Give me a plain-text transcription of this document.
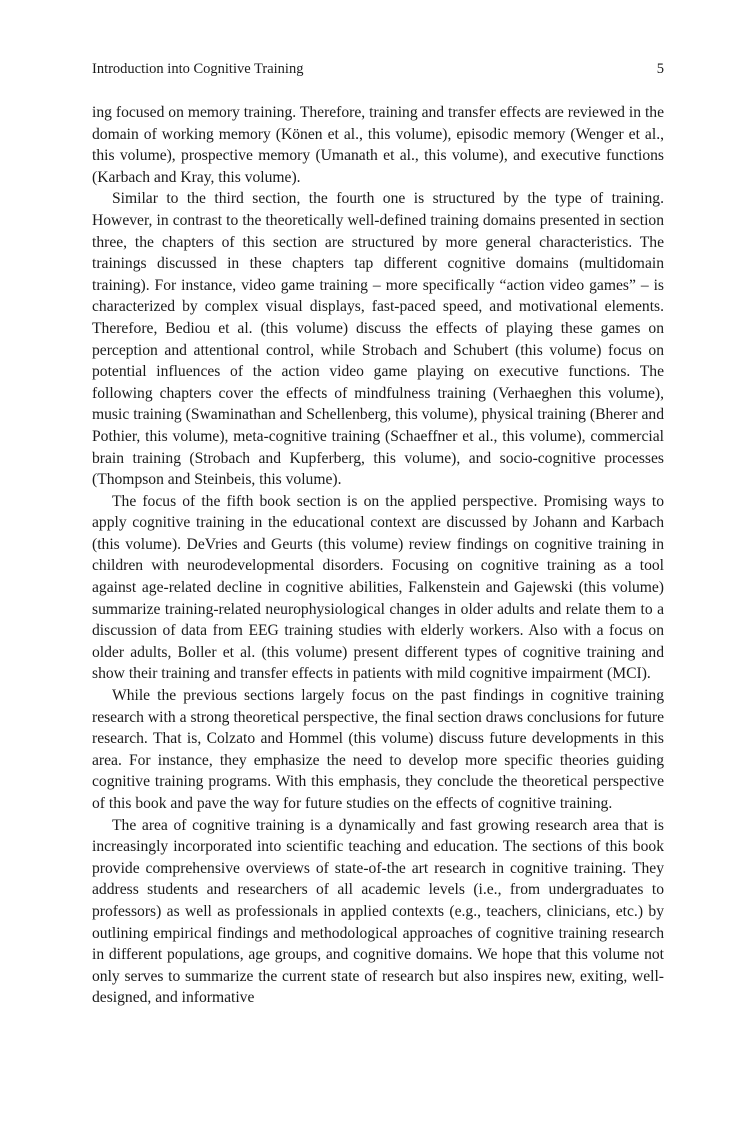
Introduction into Cognitive Training	5

ing focused on memory training. Therefore, training and transfer effects are reviewed in the domain of working memory (Könen et al., this volume), episodic memory (Wenger et al., this volume), prospective memory (Umanath et al., this volume), and executive functions (Karbach and Kray, this volume).

Similar to the third section, the fourth one is structured by the type of training. However, in contrast to the theoretically well-defined training domains presented in section three, the chapters of this section are structured by more general characteristics. The trainings discussed in these chapters tap different cognitive domains (multidomain training). For instance, video game training – more specifically “action video games” – is characterized by complex visual displays, fast-paced speed, and motivational elements. Therefore, Bediou et al. (this volume) discuss the effects of playing these games on perception and attentional control, while Strobach and Schubert (this volume) focus on potential influences of the action video game playing on executive functions. The following chapters cover the effects of mindfulness training (Verhaeghen this volume), music training (Swaminathan and Schellenberg, this volume), physical training (Bherer and Pothier, this volume), meta-cognitive training (Schaeffner et al., this volume), commercial brain training (Strobach and Kupferberg, this volume), and socio-cognitive processes (Thompson and Steinbeis, this volume).

The focus of the fifth book section is on the applied perspective. Promising ways to apply cognitive training in the educational context are discussed by Johann and Karbach (this volume). DeVries and Geurts (this volume) review findings on cognitive training in children with neurodevelopmental disorders. Focusing on cognitive training as a tool against age-related decline in cognitive abilities, Falkenstein and Gajewski (this volume) summarize training-related neurophysiological changes in older adults and relate them to a discussion of data from EEG training studies with elderly workers. Also with a focus on older adults, Boller et al. (this volume) present different types of cognitive training and show their training and transfer effects in patients with mild cognitive impairment (MCI).

While the previous sections largely focus on the past findings in cognitive training research with a strong theoretical perspective, the final section draws conclusions for future research. That is, Colzato and Hommel (this volume) discuss future developments in this area. For instance, they emphasize the need to develop more specific theories guiding cognitive training programs. With this emphasis, they conclude the theoretical perspective of this book and pave the way for future studies on the effects of cognitive training.

The area of cognitive training is a dynamically and fast growing research area that is increasingly incorporated into scientific teaching and education. The sections of this book provide comprehensive overviews of state-of-the art research in cognitive training. They address students and researchers of all academic levels (i.e., from undergraduates to professors) as well as professionals in applied contexts (e.g., teachers, clinicians, etc.) by outlining empirical findings and methodological approaches of cognitive training research in different populations, age groups, and cognitive domains. We hope that this volume not only serves to summarize the current state of research but also inspires new, exiting, well-designed, and informative
